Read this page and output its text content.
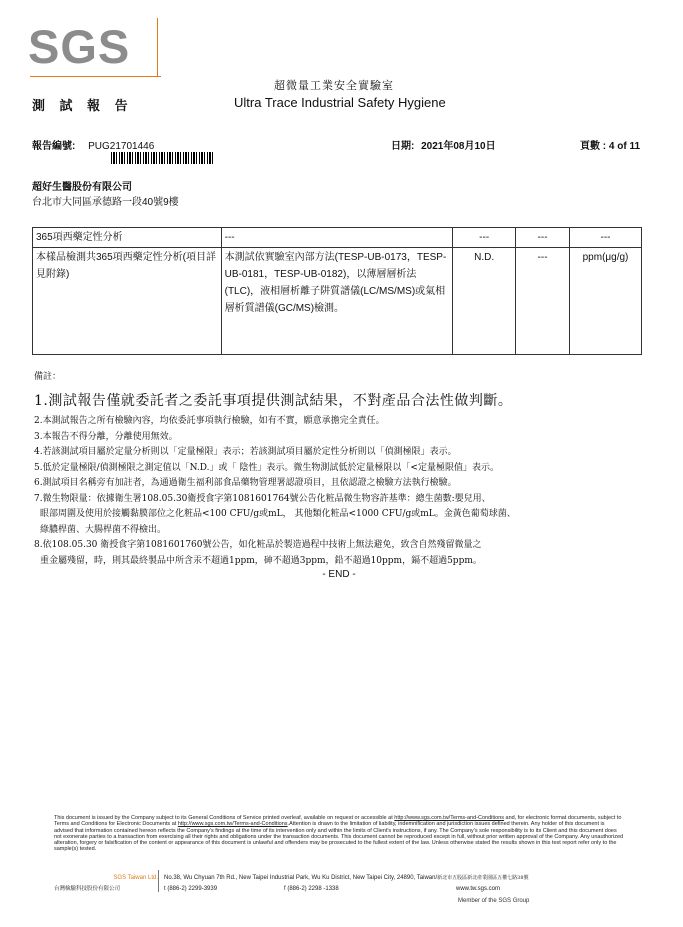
SGS
測 試 報 告
超微量工業安全實驗室
Ultra Trace Industrial Safety Hygiene
報告編號: PUG21701446	日期: 2021年08月10日	頁數 : 4 of 11
超好生醫股份有限公司
台北市大同區承德路一段40號9樓
365項西藥定性分析	---	---	---	---
本樣品檢測共365項西藥定性分析(項目詳見附錄)	本測試依實驗室內部方法(TESP-UB-0173，TESP-UB-0181，TESP-UB-0182)，以薄層層析法(TLC)，液相層析離子阱質譜儀(LC/MS/MS)或氣相層析質譜儀(GC/MS)檢測。	N.D.	---	ppm(μg/g)
備註：
1.測試報告僅就委託者之委託事項提供測試結果，不對產品合法性做判斷。
2.本測試報告之所有檢驗內容，均依委託事項執行檢驗，如有不實，願意承擔完全責任。
3.本報告不得分離，分離使用無效。
4.若該測試項目屬於定量分析則以「定量極限」表示；若該測試項目屬於定性分析則以「偵測極限」表示。
5.低於定量極限/偵測極限之測定值以「N.D.」或「 陰性」表示。微生物測試低於定量極限以「<定量極限值」表示。
6.測試項目名稱旁有加註者，為通過衛生福利部食品藥物管理署認證項目，且依認證之檢驗方法執行檢驗。
7.微生物限量：依據衛生署108.05.30衛授食字第1081601764號公告化粧品微生物容許基準：總生菌數:嬰兒用、
眼部周圍及使用於接觸黏膜部位之化粧品<100 CFU/g或mL， 其他類化粧品<1000 CFU/g或mL。金黃色葡萄球菌、
綠膿桿菌、大腸桿菌不得檢出。
8.依108.05.30 衛授食字第1081601760號公告，如化粧品於製造過程中技術上無法避免，致含自然殘留微量之
重金屬殘留，時，則其最終製品中所含汞不超過1ppm，砷不超過3ppm，鉛不超過10ppm，鎘不超過5ppm。
- END -
This document is issued by the Company subject to its General Conditions of Service printed overleaf, available on request or accessible at http://www.sgs.com.tw/Terms-and-Conditions and, for electronic format documents, subject to Terms and Conditions for Electronic Documents at http://www.sgs.com.tw/Terms-and-Conditions.Attention is drawn to the limitation of liability, indemnification and jurisdiction issues defined therein. Any holder of this document is advised that information contained hereon reflects the Company's findings at the time of its intervention only and within the limits of Client's instructions, if any. The Company's sole responsibility is to its Client and this document does not exonerate parties to a transaction from exercising all their rights and obligations under the transaction documents. This document cannot be reproduced except in full, without prior written approval of the Company. Any unauthorized alteration, forgery or falsification of the content or appearance of this document is unlawful and offenders may be prosecuted to the fullest extent of the law. Unless otherwise stated the results shown in this test report refer only to the sample(s) tested.
SGS Taiwan Ltd. No.38, Wu Chyuan 7th Rd., New Taipei Industrial Park, Wu Ku District, New Taipei City, 24890, Taiwan/新北市五股區新北產業園區五權七路38號
台灣檢驗科技股份有限公司	t (886-2) 2299-3939	f (886-2) 2298 -1338	www.tw.sgs.com
Member of the SGS Group
